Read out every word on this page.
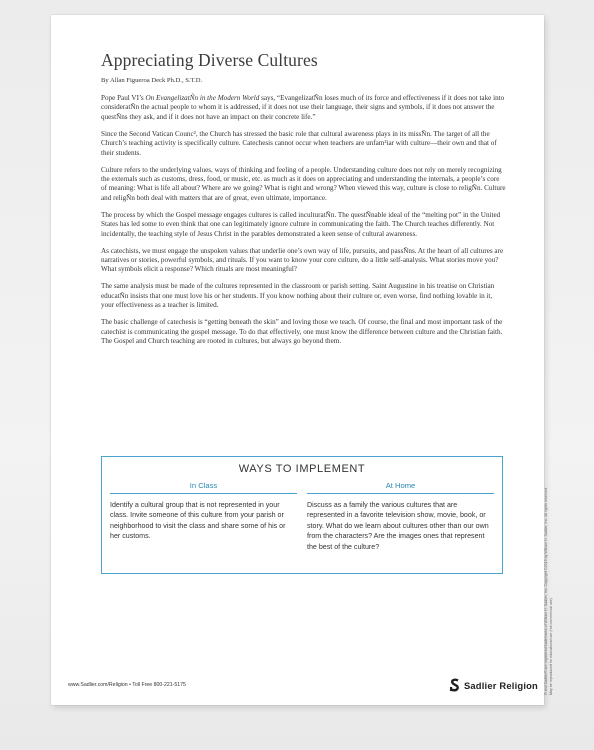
Appreciating Diverse Cultures

By Allan Figueroa Deck Ph.D., S.T.D.

Pope Paul VI’s On EvangelizatÑn in the Modern World says, “EvangelizatÑn loses much of its force and effectiveness if it does not take into consideratÑn the actual people to whom it is addressed, if it does not use their language, their signs and symbols, if it does not answer the questÑns they ask, and if it does not have an impact on their concrete life.”

Since the Second Vatican Counc², the Church has stressed the basic role that cultural awareness plays in its missÑn. The target of all the Church’s teaching activity is specifically culture. Catechesis cannot occur when teachers are unfam²iar with culture—their own and that of their students.

Culture refers to the underlying values, ways of thinking and feeling of a people. Understanding culture does not rely on merely recognizing the externals such as customs, dress, food, or music, etc. as much as it does on appreciating and understanding the internals, a people’s core of meaning: What is life all about? Where are we going? What is right and wrong? When viewed this way, culture is close to religÑn. Culture and religÑn both deal with matters that are of great, even ultimate, importance.

The process by which the Gospel message engages cultures is called inculturatÑn. The questÑnable ideal of the “melting pot” in the United States has led some to even think that one can legitimately ignore culture in communicating the faith. The Church teaches differently. Not incidentally, the teaching style of Jesus Christ in the parables demonstrated a keen sense of cultural awareness.

As catechists, we must engage the unspoken values that underlie one’s own way of life, pursuits, and passÑns. At the heart of all cultures are narratives or stories, powerful symbols, and rituals. If you want to know your core culture, do a little self-analysis. What stories move you? What symbols elicit a response? Which rituals are most meaningful?

The same analysis must be made of the cultures represented in the classroom or parish setting. Saint Augustine in his treatise on Christian educatÑn insists that one must love his or her students. If you know nothing about their culture or, even worse, find nothing lovable in it, your effectiveness as a teacher is limited.

The basic challenge of catechesis is “getting beneath the skin” and loving those we teach. Of course, the final and most important task of the catechist is communicating the gospel message. To do that effectively, one must know the difference between culture and the Christian faith. The Gospel and Church teaching are rooted in cultures, but always go beyond them.

WAYS TO IMPLEMENT
In Class
Identify a cultural group that is not represented in your class. Invite someone of this culture from your parish or neighborhood to visit the class and share some of his or her customs.
At Home
Discuss as a family the various cultures that are represented in a favorite television show, movie, book, or story. What do we learn about cultures other than our own from the characters? Are the images ones that represent the best of the culture?	® and Sadlier® are registered trademarks of William H. Sadlier, Inc. Copyright ©2015 by William H. Sadlier, Inc. All rights reserved. May be reproduced for educational use (not commercial use).
www.Sadlier.com/Religion • Toll Free 800-221-5175	Sadlier Religion
